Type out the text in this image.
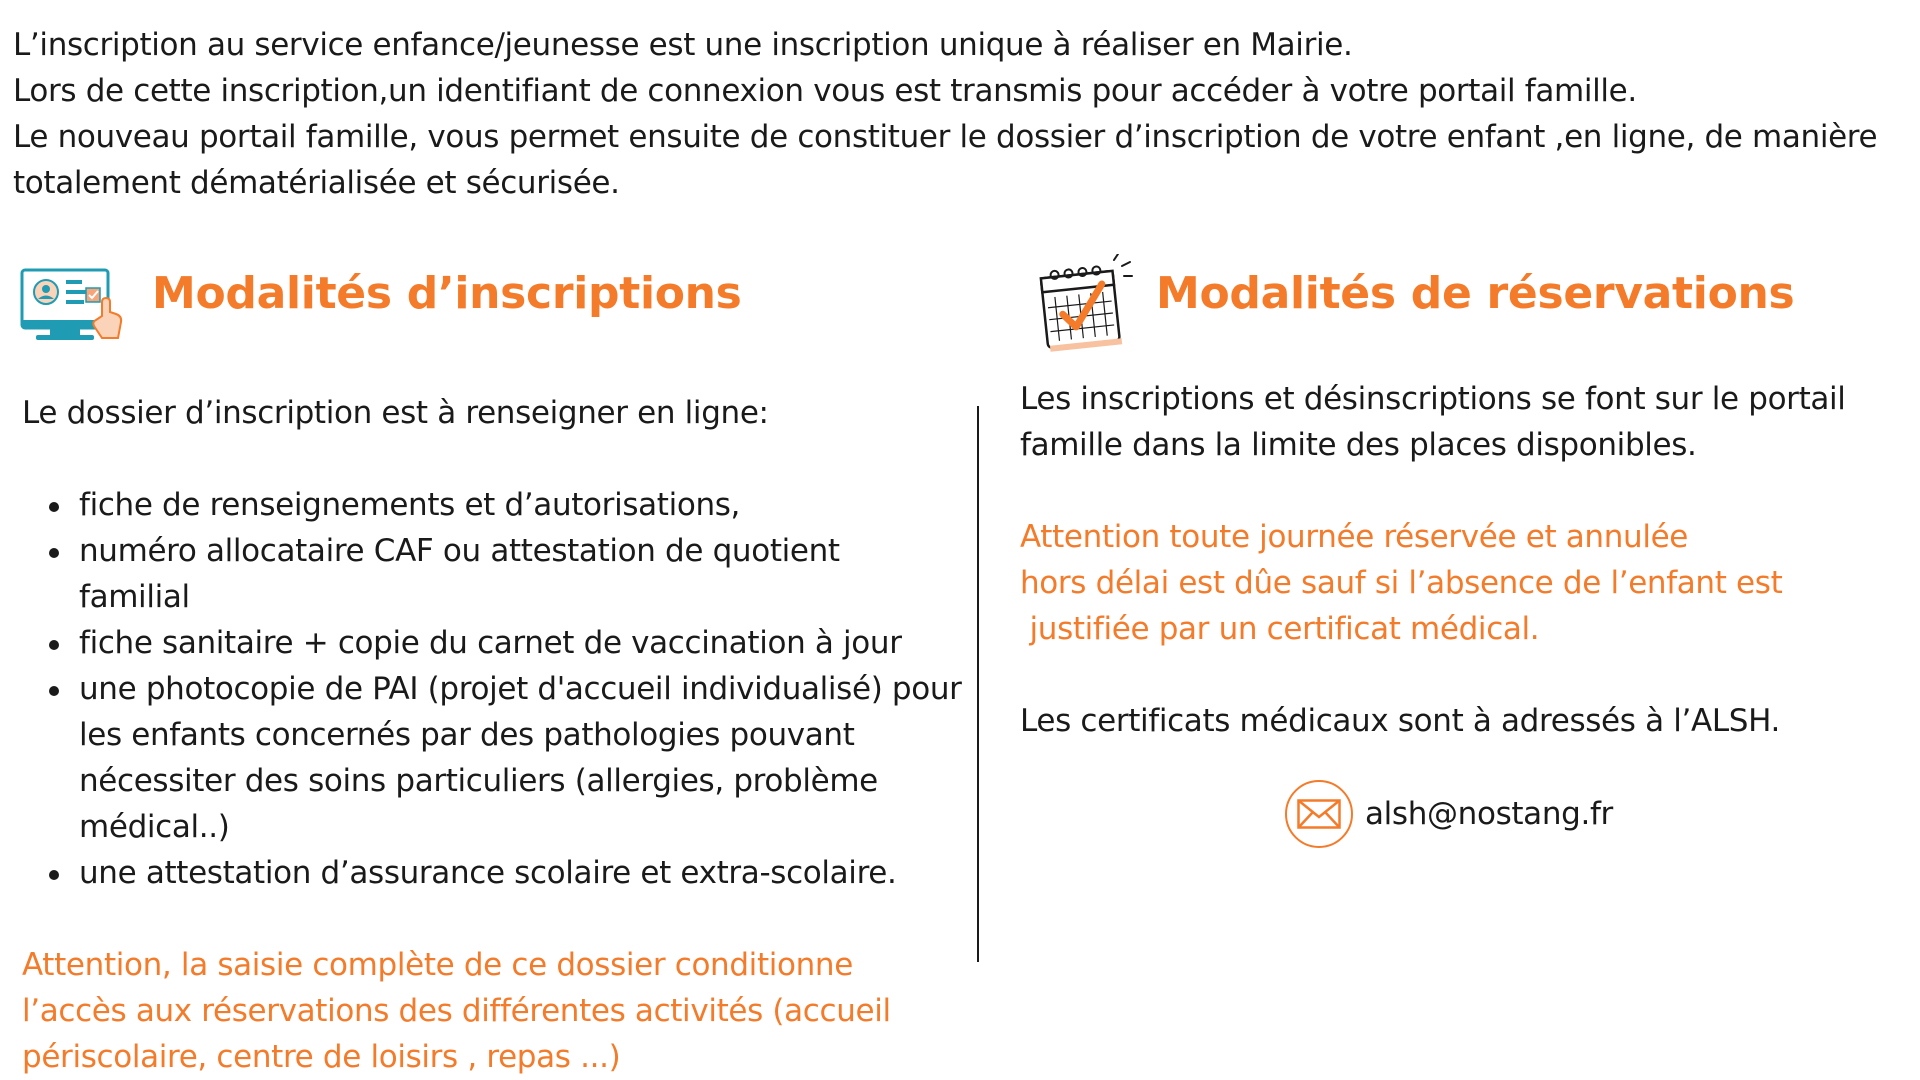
L’inscription au service enfance/jeunesse est une inscription unique à réaliser en Mairie.

Lors de cette inscription,un identifiant de connexion vous est transmis pour accéder à votre portail famille.

Le nouveau portail famille, vous permet ensuite de constituer le dossier d’inscription de votre enfant ,en ligne, de manière

totalement dématérialisée et sécurisée.

Modalités d’inscriptions	Modalités de réservations

Le dossier d’inscription est à renseigner en ligne:

fiche de renseignements et d’autorisations,
numéro allocataire CAF ou attestation de quotient familial
fiche sanitaire + copie du carnet de vaccination à jour
une photocopie de PAI (projet d'accueil individualisé) pour les enfants concernés par des pathologies pouvant nécessiter des soins particuliers (allergies, problème médical..)
une attestation d’assurance scolaire et extra-scolaire.

Attention, la saisie complète de ce dossier conditionne

l’accès aux réservations des différentes activités (accueil

périscolaire, centre de loisirs , repas ...)

Les inscriptions et désinscriptions se font sur le portail

famille dans la limite des places disponibles.

Attention toute journée réservée et annulée

hors délai est dûe sauf si l’absence de l’enfant est

justifiée par un certificat médical.

Les certificats médicaux sont à adressés à l’ALSH.

alsh@nostang.fr
